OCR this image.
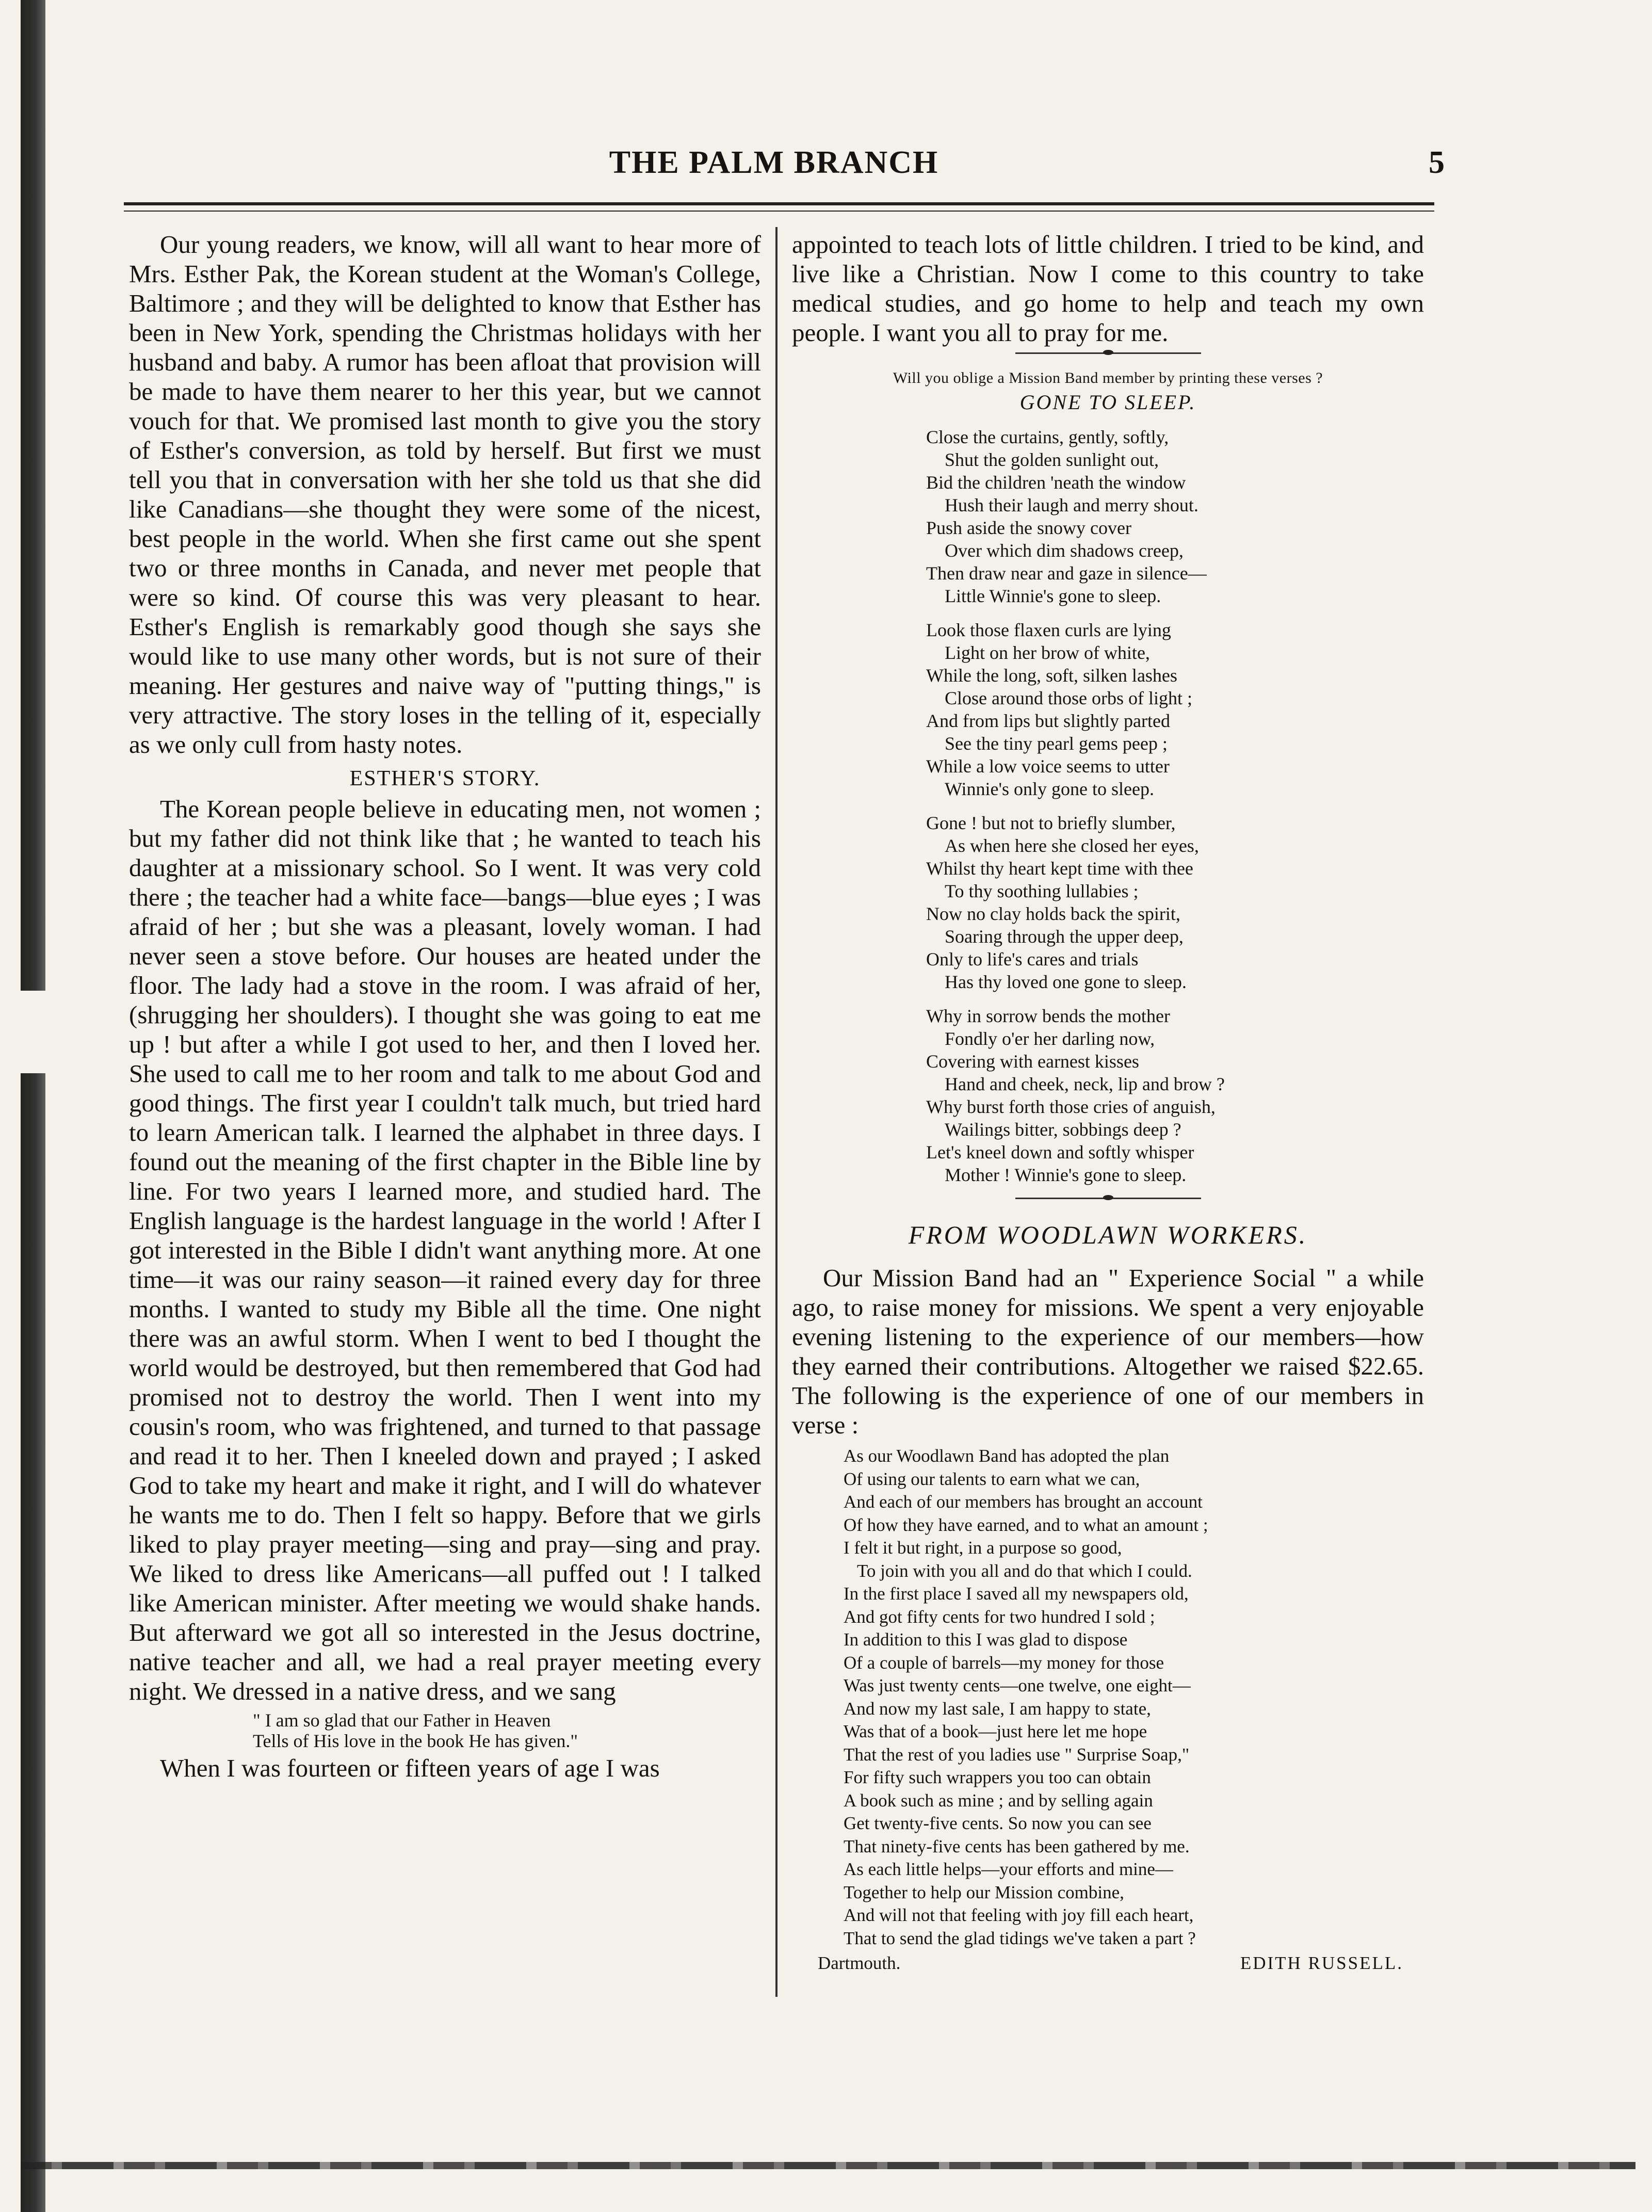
THE PALM BRANCH	5

Our young readers, we know, will all want to hear more of Mrs. Esther Pak, the Korean student at the Woman's College, Baltimore ; and they will be delighted to know that Esther has been in New York, spending the Christmas holidays with her husband and baby. A rumor has been afloat that provision will be made to have them nearer to her this year, but we cannot vouch for that. We promised last month to give you the story of Esther's conversion, as told by herself. But first we must tell you that in conversation with her she told us that she did like Canadians—she thought they were some of the nicest, best people in the world. When she first came out she spent two or three months in Canada, and never met people that were so kind. Of course this was very pleasant to hear. Esther's English is remarkably good though she says she would like to use many other words, but is not sure of their meaning. Her gestures and naive way of "putting things," is very attractive. The story loses in the telling of it, especially as we only cull from hasty notes.

ESTHER'S STORY.

The Korean people believe in educating men, not women ; but my father did not think like that ; he wanted to teach his daughter at a missionary school. So I went. It was very cold there ; the teacher had a white face—bangs—blue eyes ; I was afraid of her ; but she was a pleasant, lovely woman. I had never seen a stove before. Our houses are heated under the floor. The lady had a stove in the room. I was afraid of her, (shrugging her shoulders). I thought she was going to eat me up ! but after a while I got used to her, and then I loved her. She used to call me to her room and talk to me about God and good things. The first year I couldn't talk much, but tried hard to learn American talk. I learned the alphabet in three days. I found out the meaning of the first chapter in the Bible line by line. For two years I learned more, and studied hard. The English language is the hardest language in the world ! After I got interested in the Bible I didn't want anything more. At one time—it was our rainy season—it rained every day for three months. I wanted to study my Bible all the time. One night there was an awful storm. When I went to bed I thought the world would be destroyed, but then remembered that God had promised not to destroy the world. Then I went into my cousin's room, who was frightened, and turned to that passage and read it to her. Then I kneeled down and prayed ; I asked God to take my heart and make it right, and I will do whatever he wants me to do. Then I felt so happy. Before that we girls liked to play prayer meeting—sing and pray—sing and pray. We liked to dress like Americans—all puffed out ! I talked like American minister. After meeting we would shake hands. But afterward we got all so interested in the Jesus doctrine, native teacher and all, we had a real prayer meeting every night. We dressed in a native dress, and we sang

" I am so glad that our Father in Heaven
Tells of His love in the book He has given."

When I was fourteen or fifteen years of age I was

appointed to teach lots of little children. I tried to be kind, and live like a Christian. Now I come to this country to take medical studies, and go home to help and teach my own people. I want you all to pray for me.

Will you oblige a Mission Band member by printing these verses ?
GONE TO SLEEP.
Close the curtains, gently, softly,
Shut the golden sunlight out,
Bid the children 'neath the window
Hush their laugh and merry shout.
Push aside the snowy cover
Over which dim shadows creep,
Then draw near and gaze in silence—
Little Winnie's gone to sleep.
Look those flaxen curls are lying
Light on her brow of white,
While the long, soft, silken lashes
Close around those orbs of light ;
And from lips but slightly parted
See the tiny pearl gems peep ;
While a low voice seems to utter
Winnie's only gone to sleep.
Gone ! but not to briefly slumber,
As when here she closed her eyes,
Whilst thy heart kept time with thee
To thy soothing lullabies ;
Now no clay holds back the spirit,
Soaring through the upper deep,
Only to life's cares and trials
Has thy loved one gone to sleep.
Why in sorrow bends the mother
Fondly o'er her darling now,
Covering with earnest kisses
Hand and cheek, neck, lip and brow ?
Why burst forth those cries of anguish,
Wailings bitter, sobbings deep ?
Let's kneel down and softly whisper
Mother ! Winnie's gone to sleep.
FROM WOODLAWN WORKERS.

Our Mission Band had an " Experience Social " a while ago, to raise money for missions. We spent a very enjoyable evening listening to the experience of our members—how they earned their contributions. Altogether we raised $22.65. The following is the experience of one of our members in verse :

As our Woodlawn Band has adopted the plan
Of using our talents to earn what we can,
And each of our members has brought an account
Of how they have earned, and to what an amount ;
I felt it but right, in a purpose so good,
To join with you all and do that which I could.
In the first place I saved all my newspapers old,
And got fifty cents for two hundred I sold ;
In addition to this I was glad to dispose
Of a couple of barrels—my money for those
Was just twenty cents—one twelve, one eight—
And now my last sale, I am happy to state,
Was that of a book—just here let me hope
That the rest of you ladies use " Surprise Soap,"
For fifty such wrappers you too can obtain
A book such as mine ; and by selling again
Get twenty-five cents. So now you can see
That ninety-five cents has been gathered by me.
As each little helps—your efforts and mine—
Together to help our Mission combine,
And will not that feeling with joy fill each heart,
That to send the glad tidings we've taken a part ?
Dartmouth.	EDITH RUSSELL.
